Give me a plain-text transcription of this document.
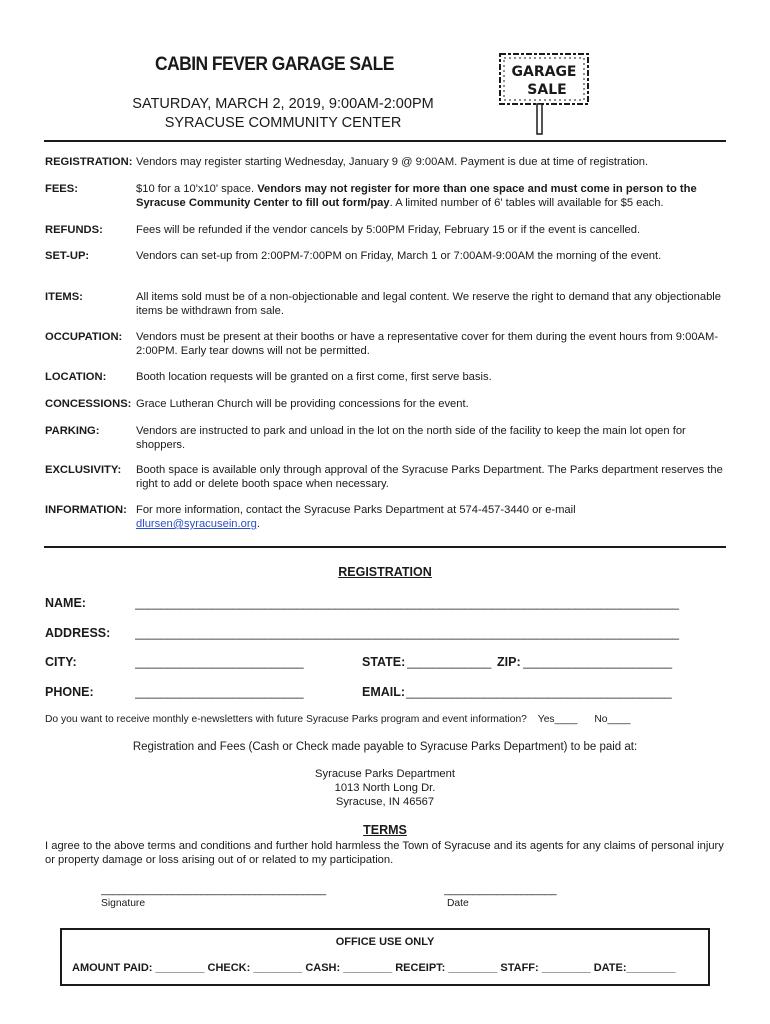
CABIN FEVER GARAGE SALE
SATURDAY, MARCH 2, 2019, 9:00AM-2:00PM
SYRACUSE COMMUNITY CENTER
GARAGE
SALE
REGISTRATION: Vendors may register starting Wednesday, January 9 @ 9:00AM. Payment is due at time of registration.
FEES:	$10 for a 10'x10' space. Vendors may not register for more than one space and must come in person to the Syracuse Community Center to fill out form/pay. A limited number of 6' tables will available for $5 each.
REFUNDS:	Fees will be refunded if the vendor cancels by 5:00PM Friday, February 15 or if the event is cancelled.
SET-UP:	Vendors can set-up from 2:00PM-7:00PM on Friday, March 1 or 7:00AM-9:00AM the morning of the event.
ITEMS:	All items sold must be of a non-objectionable and legal content. We reserve the right to demand that any objectionable items be withdrawn from sale.
OCCUPATION: Vendors must be present at their booths or have a representative cover for them during the event hours from 9:00AM-2:00PM. Early tear downs will not be permitted.
LOCATION:	Booth location requests will be granted on a first come, first serve basis.
CONCESSIONS: Grace Lutheran Church will be providing concessions for the event.
PARKING:	Vendors are instructed to park and unload in the lot on the north side of the facility to keep the main lot open for shoppers.
EXCLUSIVITY: Booth space is available only through approval of the Syracuse Parks Department. The Parks department reserves the right to add or delete booth space when necessary.
INFORMATION: For more information, contact the Syracuse Parks Department at 574-457-3440 or e-mail
dlursen@syracusein.org.
REGISTRATION
NAME:	____________________________________________________________________________________
ADDRESS: ____________________________________________________________________________________
CITY:	__________________________	STATE: _____________ ZIP: _______________________
PHONE:	__________________________	EMAIL: _________________________________________
Do you want to receive monthly e-newsletters with future Syracuse Parks program and event information? Yes____ No____
Registration and Fees (Cash or Check made payable to Syracuse Parks Department) to be paid at:
Syracuse Parks Department
1013 North Long Dr.
Syracuse, IN 46567
TERMS
I agree to the above terms and conditions and further hold harmless the Town of Syracuse and its agents for any claims of personal injury or property damage or loss arising out of or related to my participation.
______________________________________
Signature
___________________
Date
OFFICE USE ONLY
AMOUNT PAID: ________ CHECK: ________ CASH: ________ RECEIPT: ________ STAFF: ________ DATE:________
